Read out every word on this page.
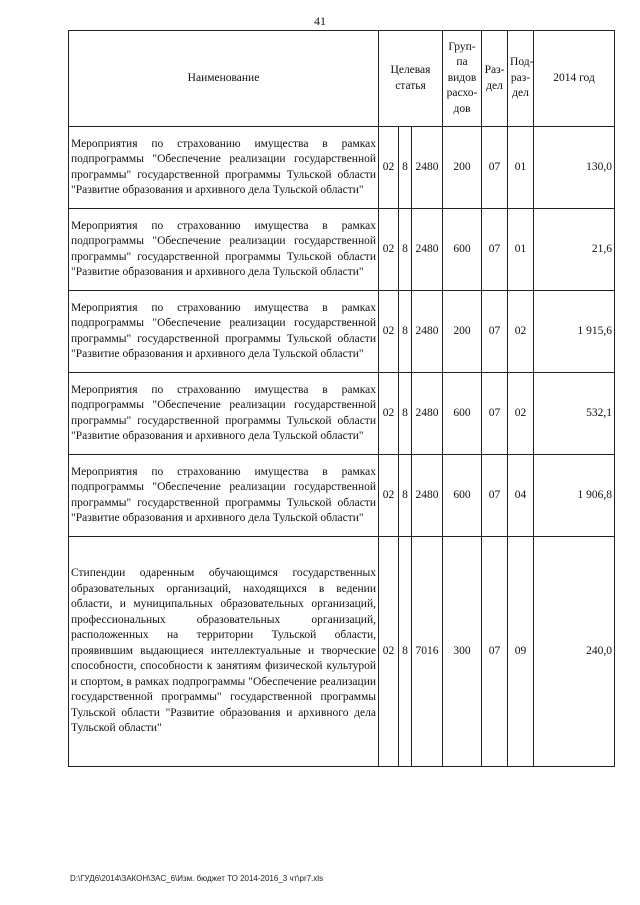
41
Наименование	Целевая статья			Груп-па видов расхо-дов	Раз-дел	Под-раз-дел	2014 год
Мероприятия по страхованию имущества в рамках подпрограммы "Обеспечение реализации государственной программы" государственной программы Тульской области "Развитие образования и архивного дела Тульской области"	02	8	2480	200	07	01	130,0
Мероприятия по страхованию имущества в рамках подпрограммы "Обеспечение реализации государственной программы" государственной программы Тульской области "Развитие образования и архивного дела Тульской области"	02	8	2480	600	07	01	21,6
Мероприятия по страхованию имущества в рамках подпрограммы "Обеспечение реализации государственной программы" государственной программы Тульской области "Развитие образования и архивного дела Тульской области"	02	8	2480	200	07	02	1 915,6
Мероприятия по страхованию имущества в рамках подпрограммы "Обеспечение реализации государственной программы" государственной программы Тульской области "Развитие образования и архивного дела Тульской области"	02	8	2480	600	07	02	532,1
Мероприятия по страхованию имущества в рамках подпрограммы "Обеспечение реализации государственной программы" государственной программы Тульской области "Развитие образования и архивного дела Тульской области"	02	8	2480	600	07	04	1 906,8
Стипендии одаренным обучающимся государственных образовательных организаций, находящихся в ведении области, и муниципальных образовательных организаций, профессиональных образовательных организаций, расположенных на территории Тульской области, проявившим выдающиеся интеллектуальные и творческие способности, способности к занятиям физической культурой и спортом, в рамках подпрограммы "Обеспечение реализации государственной программы" государственной программы Тульской области "Развитие образования и архивного дела Тульской области"	02	8	7016	300	07	09	240,0
D:\ГУД6\2014\ЗАКОН\ЗАС_6\Изм. бюджет ТО 2014-2016_3 чт\pr7.xls
